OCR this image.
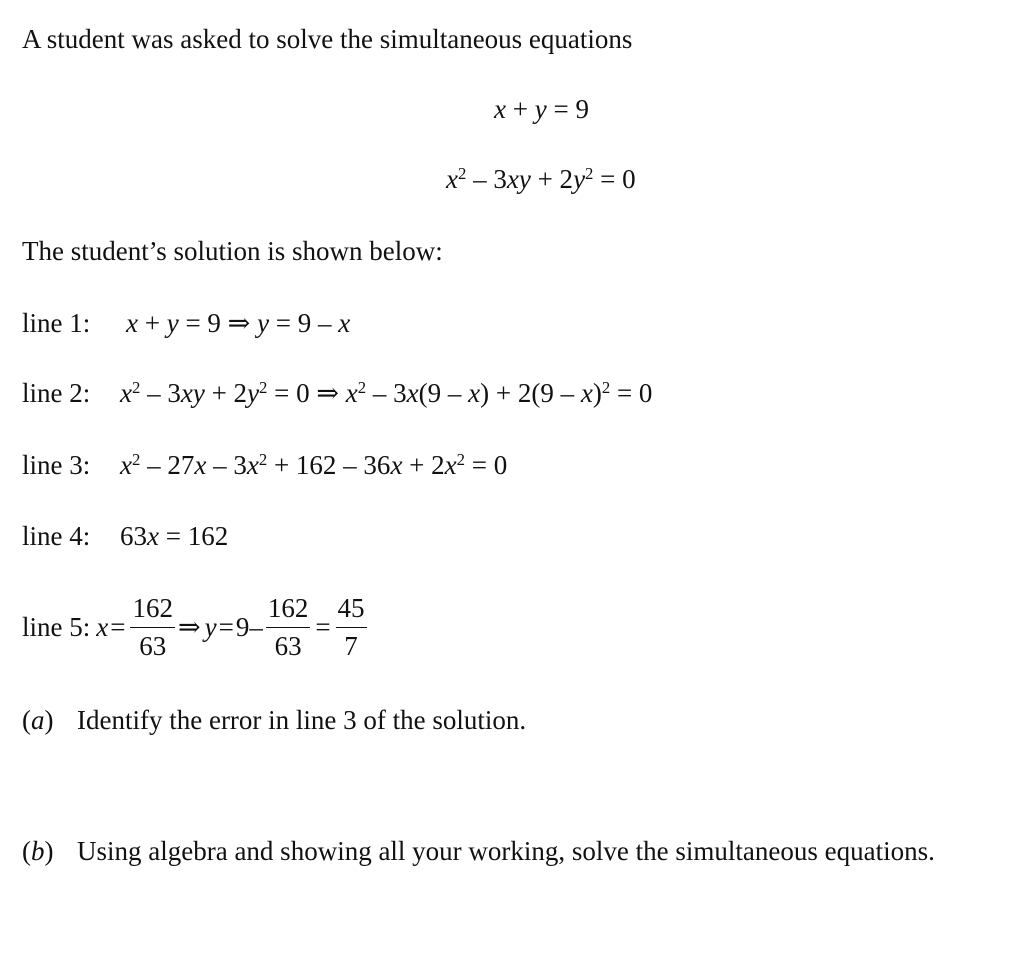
A student was asked to solve the simultaneous equations
x + y = 9
$x^2 - 3xy + 2y^2 = 0$
The student’s solution is shown below:
line 1:	x + y = 9 ⇒ y = 9 – x
line 2:	$x^2 - 3xy + 2y^2 = 0$ ⇒ $x^2 - 3x(9 - x) + 2(9 - x)^2 = 0$
line 3:	$x^2 - 27x - 3x^2 + 162 - 36x + 2x^2 = 0$
line 4:	63x = 162
line 5: $x = \frac{162}{63}$ ⇒ $y = 9 - \frac{162}{63} = \frac{45}{7}$
(a) Identify the error in line 3 of the solution.
(b) Using algebra and showing all your working, solve the simultaneous equations.
